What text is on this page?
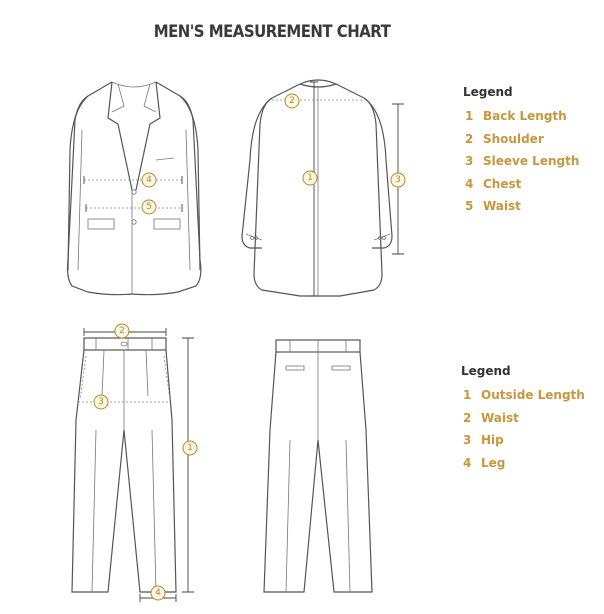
MEN'S MEASUREMENT CHART
4
5
2
1	3
2
3
1
4
Legend
1 Back Length
2 Shoulder
3 Sleeve Length
4 Chest
5 Waist
Legend
1 Outside Length
2 Waist
3 Hip
4 Leg
